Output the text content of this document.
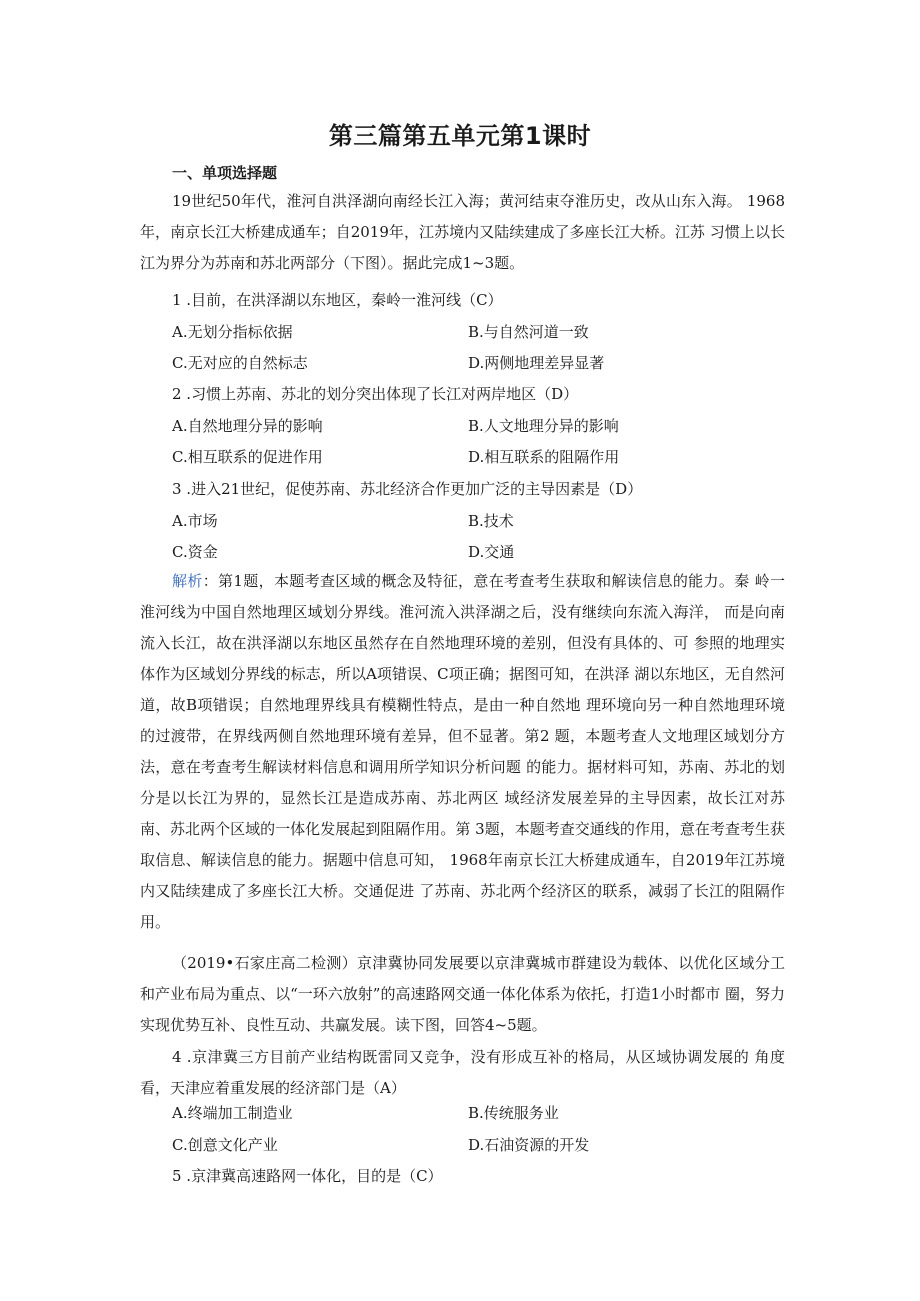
第三篇第五单元第1课时
一、单项选择题
19世纪50年代，淮河自洪泽湖向南经长江入海；黄河结束夺淮历史，改从山东入海。 1968年，南京长江大桥建成通车；自2019年，江苏境内又陆续建成了多座长江大桥。江苏 习惯上以长江为界分为苏南和苏北两部分（下图）。据此完成1~3题。
1 .目前，在洪泽湖以东地区，秦岭一淮河线（C）
A.无划分指标依据	B.与自然河道一致
C.无对应的自然标志	D.两侧地理差异显著
2 .习惯上苏南、苏北的划分突出体现了长江对两岸地区（D）
A.自然地理分异的影响	B.人文地理分异的影响
C.相互联系的促进作用	D.相互联系的阻隔作用
3 .进入21世纪，促使苏南、苏北经济合作更加广泛的主导因素是（D）
A.市场	B.技术
C.资金	D.交通
解析：第1题，本题考查区域的概念及特征，意在考查考生获取和解读信息的能力。秦 岭一淮河线为中国自然地理区域划分界线。淮河流入洪泽湖之后，没有继续向东流入海洋， 而是向南流入长江，故在洪泽湖以东地区虽然存在自然地理环境的差别，但没有具体的、可 参照的地理实体作为区域划分界线的标志，所以A项错误、C项正确；据图可知，在洪泽 湖以东地区，无自然河道，故B项错误；自然地理界线具有模糊性特点，是由一种自然地 理环境向另一种自然地理环境的过渡带，在界线两侧自然地理环境有差异，但不显著。第2 题，本题考查人文地理区域划分方法，意在考查考生解读材料信息和调用所学知识分析问题 的能力。据材料可知，苏南、苏北的划分是以长江为界的，显然长江是造成苏南、苏北两区 域经济发展差异的主导因素，故长江对苏南、苏北两个区域的一体化发展起到阻隔作用。第 3题，本题考查交通线的作用，意在考查考生获取信息、解读信息的能力。据题中信息可知， 1968年南京长江大桥建成通车，自2019年江苏境内又陆续建成了多座长江大桥。交通促进 了苏南、苏北两个经济区的联系，减弱了长江的阻隔作用。
（2019•石家庄高二检测）京津冀协同发展要以京津冀城市群建设为载体、以优化区域分工和产业布局为重点、以“一环六放射”的高速路网交通一体化体系为依托，打造1小时都市 圈，努力实现优势互补、良性互动、共赢发展。读下图，回答4~5题。
4 .京津冀三方目前产业结构既雷同又竞争，没有形成互补的格局，从区域协调发展的 角度看，天津应着重发展的经济部门是（A）
A.终端加工制造业	B.传统服务业
C.创意文化产业	D.石油资源的开发
5 .京津冀高速路网一体化，目的是（C）
